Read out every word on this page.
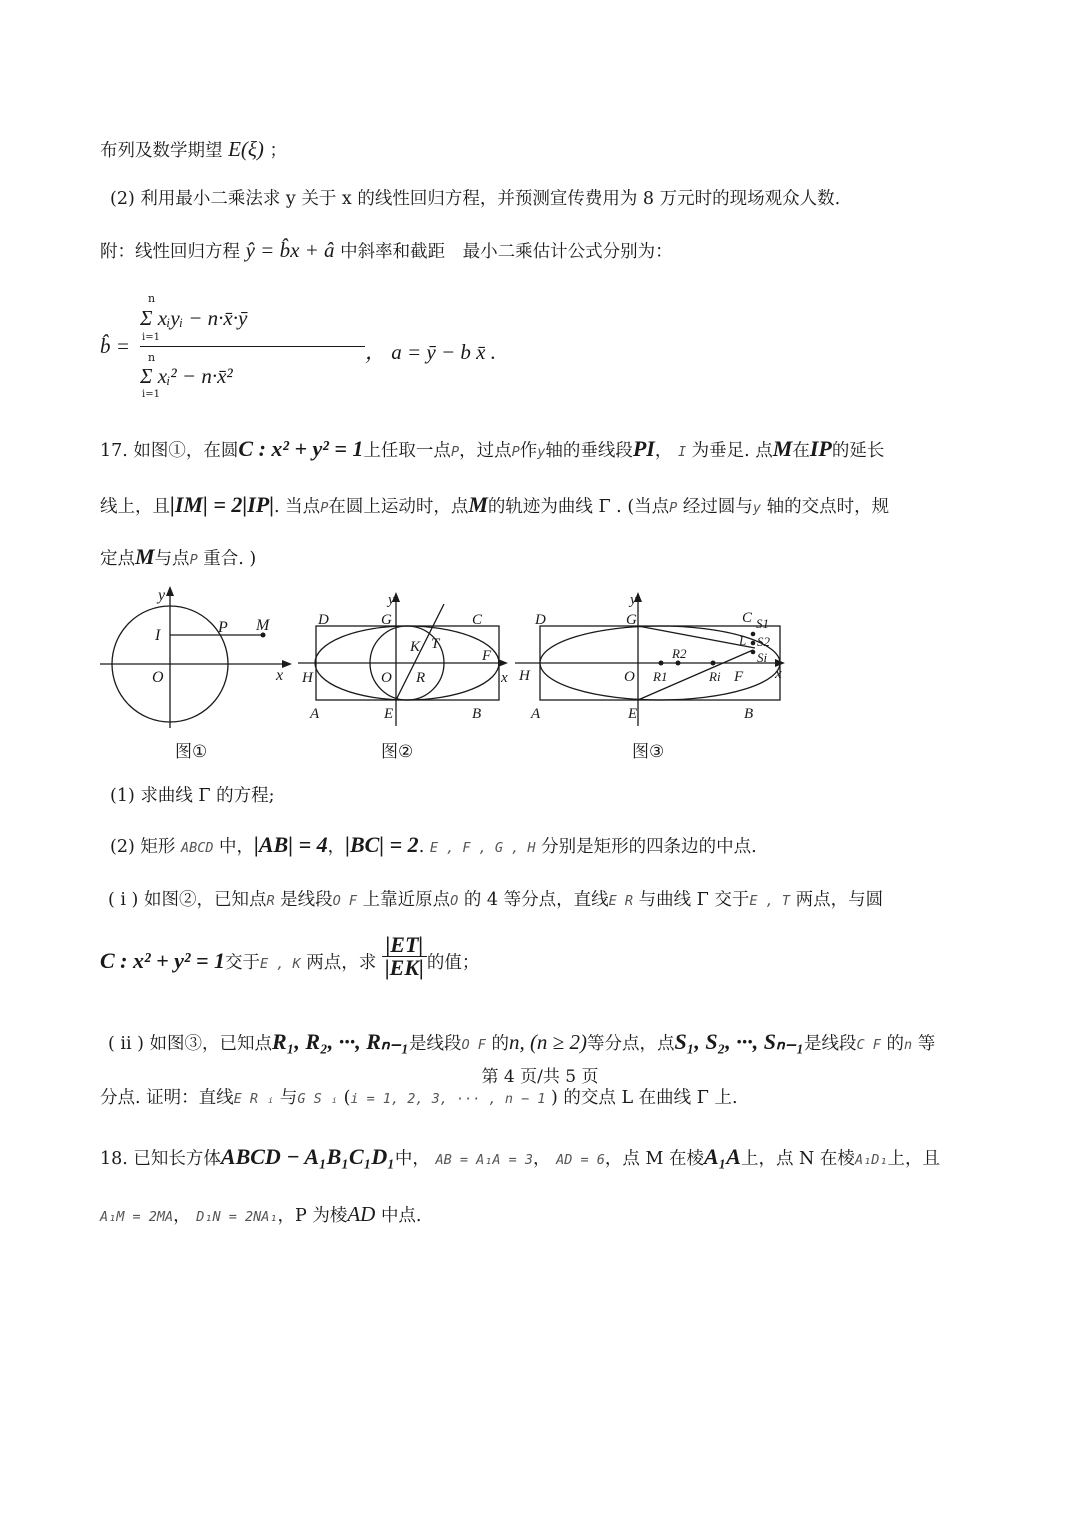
布列及数学期望 E(ξ) ；
(2) 利用最小二乘法求 y 关于 x 的线性回归方程，并预测宣传费用为 8 万元时的现场观众人数.
附：线性回归方程 ŷ = b̂x + â 中斜率和截距　最小二乘估计公式分别为：
b̂ =
n
Σ xᵢyᵢ − n·x̄·ȳ
i=1
n
Σ xᵢ² − n·x̄²
i=1
， a = ȳ − b x̄ .
17. 如图①，在圆C : x² + y² = 1上任取一点P，过点P作y轴的垂线段PI， I 为垂足. 点M在IP的延长
线上，且|IM| = 2|IP|. 当点P在圆上运动时，点M的轨迹为曲线 Γ . (当点P 经过圆与y 轴的交点时，规
定点M与点P 重合. )
y
x
I	P M
O
图①
y
x
D	G	C
K T
F
H	O R
A	E	B
图②
y
x
D	G	C S1
L S2
Si
R2
H	O R1	Ri F
A	E	B
图③
(1) 求曲线 Γ 的方程;
(2) 矩形 ABCD 中，|AB| = 4，|BC| = 2. E , F , G , H 分别是矩形的四条边的中点.
( i ) 如图②，已知点R 是线段O F 上靠近原点O 的 4 等分点，直线E R 与曲线 Γ 交于E , T 两点，与圆
C : x² + y² = 1交于E , K 两点，求 $\frac{|ET|}{|EK|}$ 的值；
( ii ) 如图③，已知点R₁, R₂, ···, Rₙ₋₁是线段O F 的n, (n ≥ 2)等分点，点S₁, S₂, ···, Sₙ₋₁是线段C F 的n 等
分点. 证明：直线E R ᵢ 与G S ᵢ (i = 1, 2, 3, ··· , n − 1 ) 的交点 L 在曲线 Γ 上.
18. 已知长方体ABCD − A₁B₁C₁D₁中， AB = A₁A = 3， AD = 6，点 M 在棱A₁A上，点 N 在棱A₁D₁上，且
A₁M = 2MA， D₁N = 2NA₁，P 为棱AD 中点.
第 4 页/共 5 页
